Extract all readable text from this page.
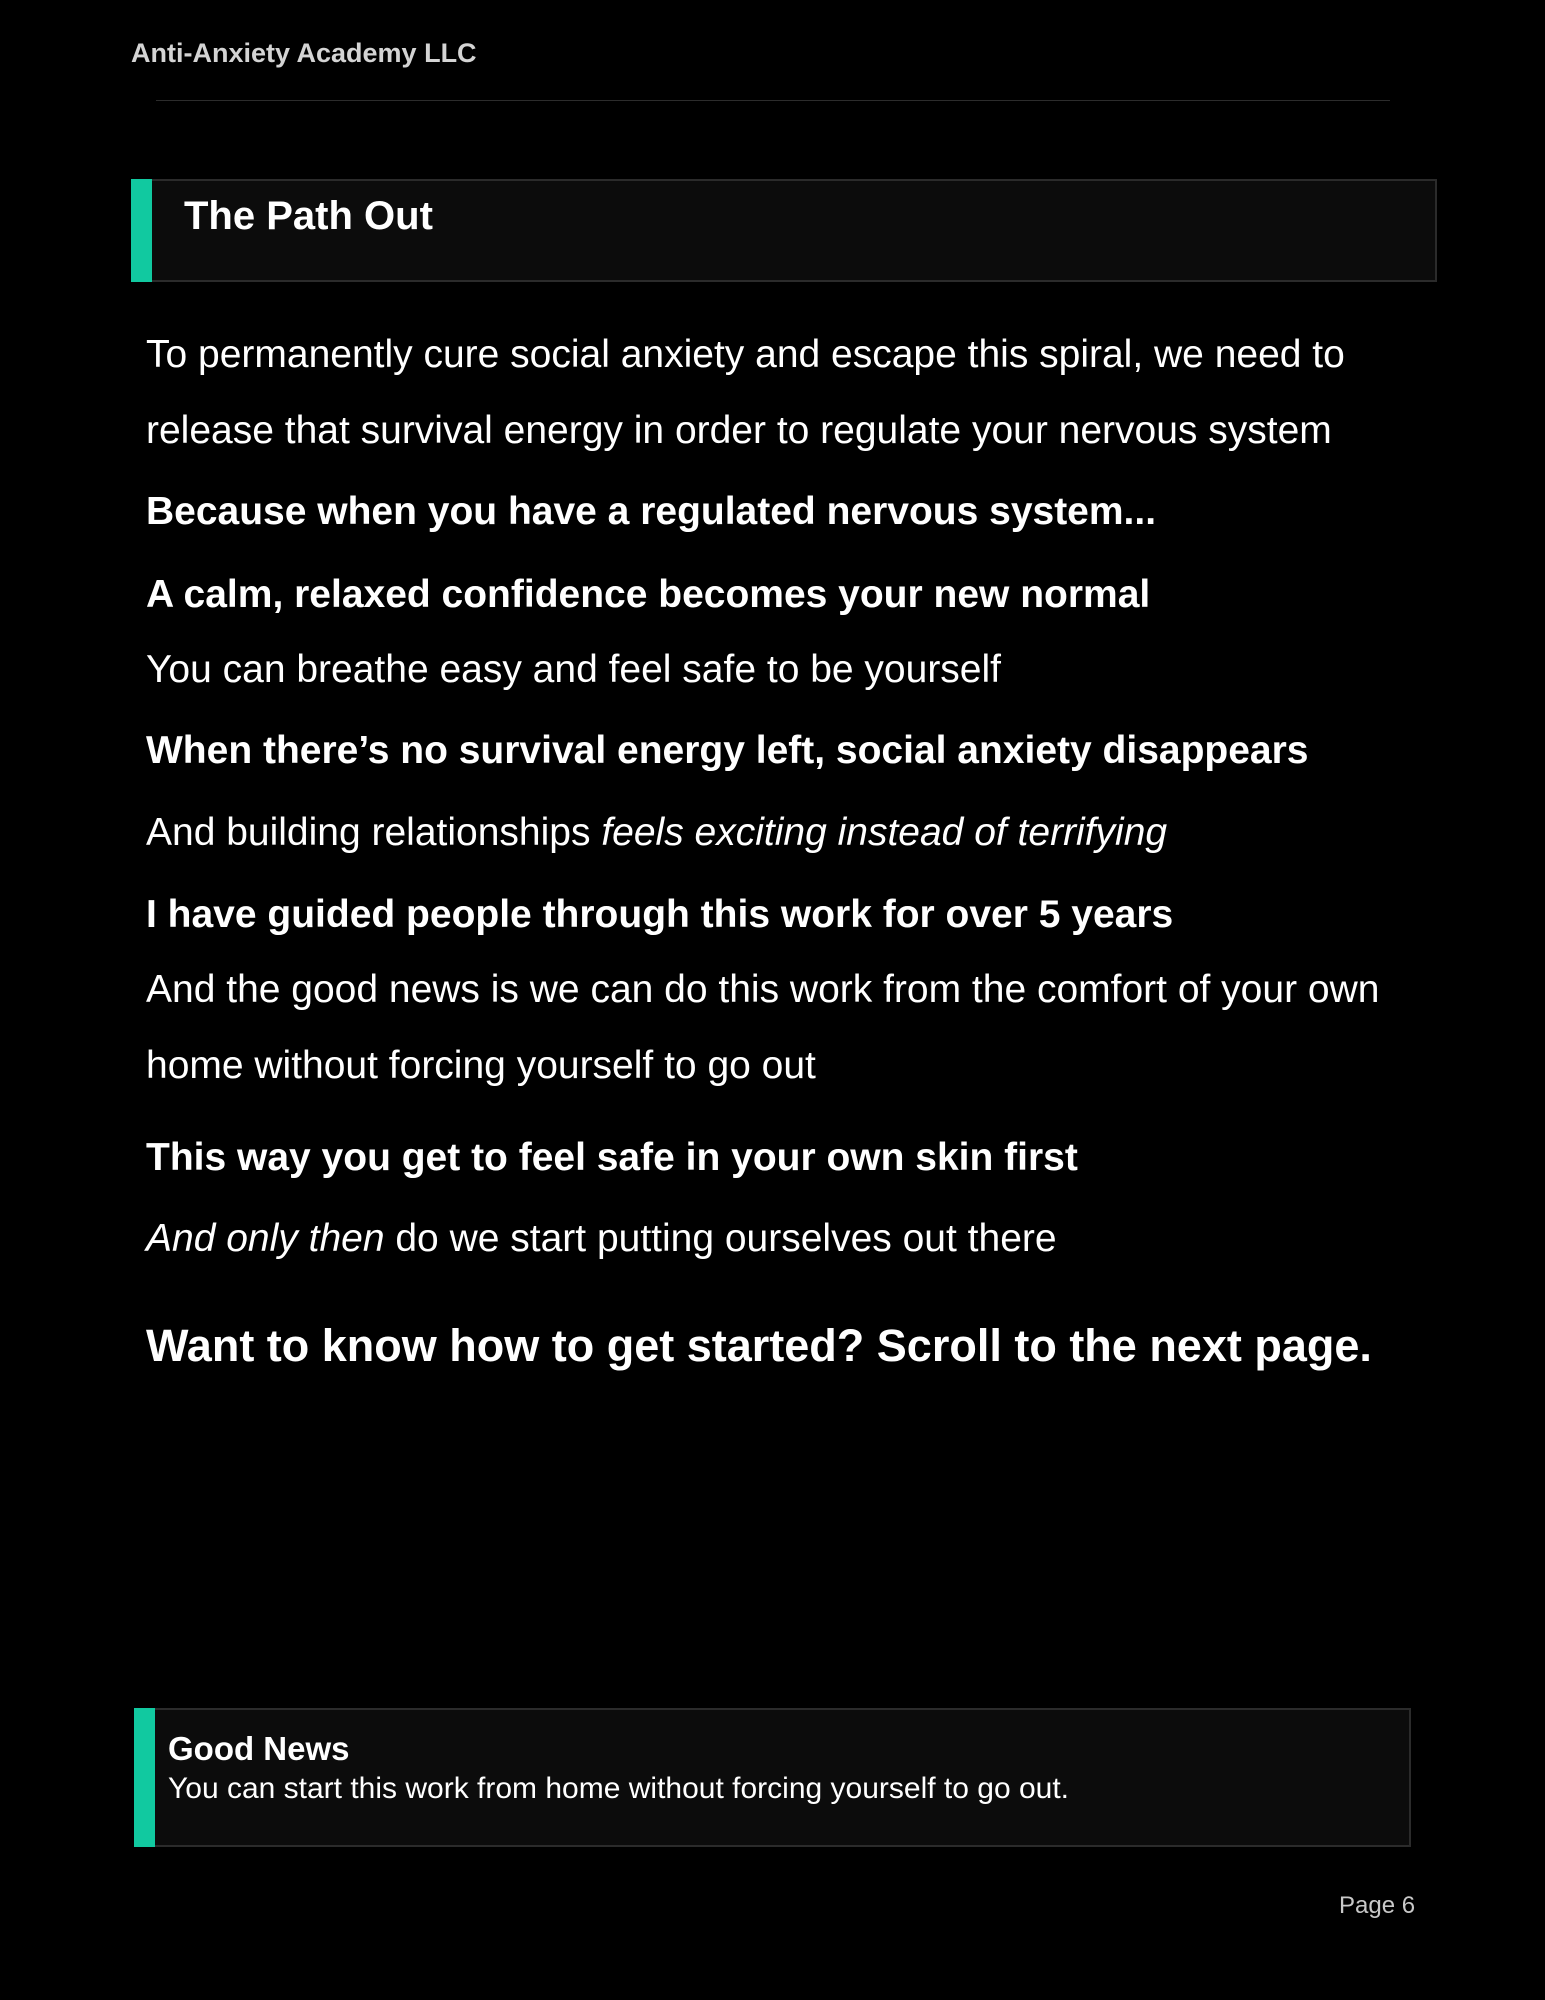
Anti-Anxiety Academy LLC
The Path Out
To permanently cure social anxiety and escape this spiral, we need to
release that survival energy in order to regulate your nervous system
Because when you have a regulated nervous system...
A calm, relaxed confidence becomes your new normal
You can breathe easy and feel safe to be yourself
When there’s no survival energy left, social anxiety disappears
And building relationships feels exciting instead of terrifying
I have guided people through this work for over 5 years
And the good news is we can do this work from the comfort of your own
home without forcing yourself to go out
This way you get to feel safe in your own skin first
And only then do we start putting ourselves out there
Want to know how to get started? Scroll to the next page.
Good News
You can start this work from home without forcing yourself to go out.
Page 6
